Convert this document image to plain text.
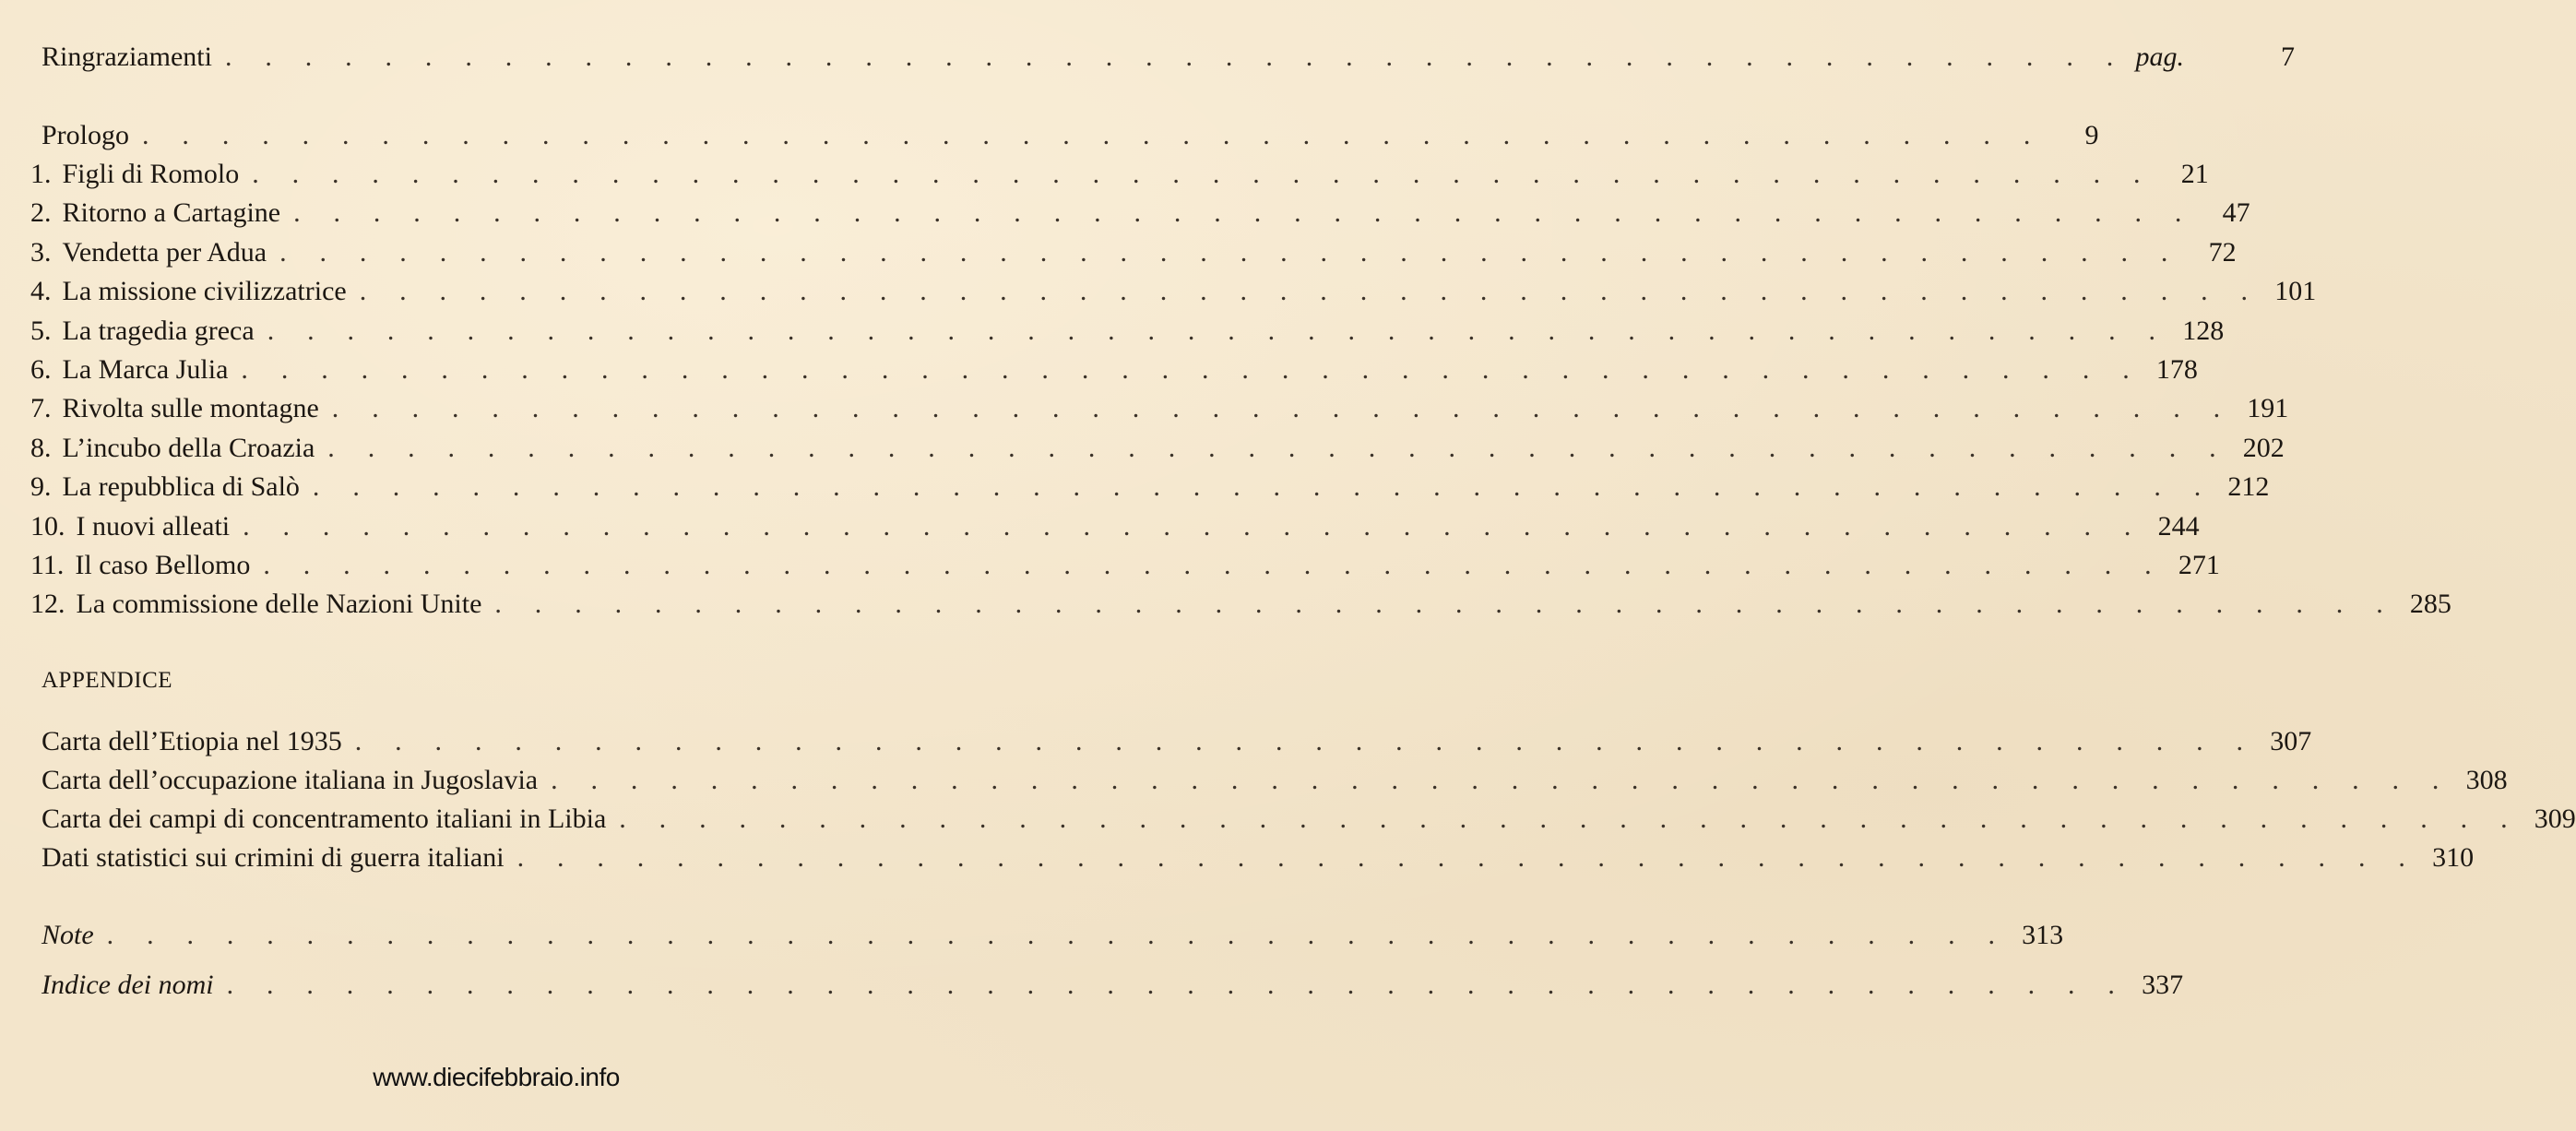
Ringraziamenti . . . . . . . . . . . . . . . . . . . . . . . . . . . . . . . . . . . . . . . . . . . . . . . . pag.	7
Prologo . . . . . . . . . . . . . . . . . . . . . . . . . . . . . . . . . . . . . . . . . . . . . . . .	9
1. Figli di Romolo . . . . . . . . . . . . . . . . . . . . . . . . . . . . . . . . . . . . . . . . . . . . . . . .	21
2. Ritorno a Cartagine . . . . . . . . . . . . . . . . . . . . . . . . . . . . . . . . . . . . . . . . . . . . . . . .	47
3. Vendetta per Adua . . . . . . . . . . . . . . . . . . . . . . . . . . . . . . . . . . . . . . . . . . . . . . . .	72
4. La missione civilizzatrice . . . . . . . . . . . . . . . . . . . . . . . . . . . . . . . . . . . . . . . . . . . . . . . . 101
5. La tragedia greca . . . . . . . . . . . . . . . . . . . . . . . . . . . . . . . . . . . . . . . . . . . . . . . . 128
6. La Marca Julia . . . . . . . . . . . . . . . . . . . . . . . . . . . . . . . . . . . . . . . . . . . . . . . . 178
7. Rivolta sulle montagne . . . . . . . . . . . . . . . . . . . . . . . . . . . . . . . . . . . . . . . . . . . . . . . . 191
8. L’incubo della Croazia . . . . . . . . . . . . . . . . . . . . . . . . . . . . . . . . . . . . . . . . . . . . . . . . 202
9. La repubblica di Salò . . . . . . . . . . . . . . . . . . . . . . . . . . . . . . . . . . . . . . . . . . . . . . . . 212
10. I nuovi alleati . . . . . . . . . . . . . . . . . . . . . . . . . . . . . . . . . . . . . . . . . . . . . . . . 244
11. Il caso Bellomo . . . . . . . . . . . . . . . . . . . . . . . . . . . . . . . . . . . . . . . . . . . . . . . . 271
12. La commissione delle Nazioni Unite . . . . . . . . . . . . . . . . . . . . . . . . . . . . . . . . . . . . . . . . . . . . . . . . 285
APPENDICE
Carta dell’Etiopia nel 1935 . . . . . . . . . . . . . . . . . . . . . . . . . . . . . . . . . . . . . . . . . . . . . . . . 307
Carta dell’occupazione italiana in Jugoslavia . . . . . . . . . . . . . . . . . . . . . . . . . . . . . . . . . . . . . . . . . . . . . . . . 308
Carta dei campi di concentramento italiani in Libia . . . . . . . . . . . . . . . . . . . . . . . . . . . . . . . . . . . . . . . . . . . . . . . . 309
Dati statistici sui crimini di guerra italiani . . . . . . . . . . . . . . . . . . . . . . . . . . . . . . . . . . . . . . . . . . . . . . . . 310
Note . . . . . . . . . . . . . . . . . . . . . . . . . . . . . . . . . . . . . . . . . . . . . . . . 313
Indice dei nomi . . . . . . . . . . . . . . . . . . . . . . . . . . . . . . . . . . . . . . . . . . . . . . . . 337
www.diecifebbraio.info
